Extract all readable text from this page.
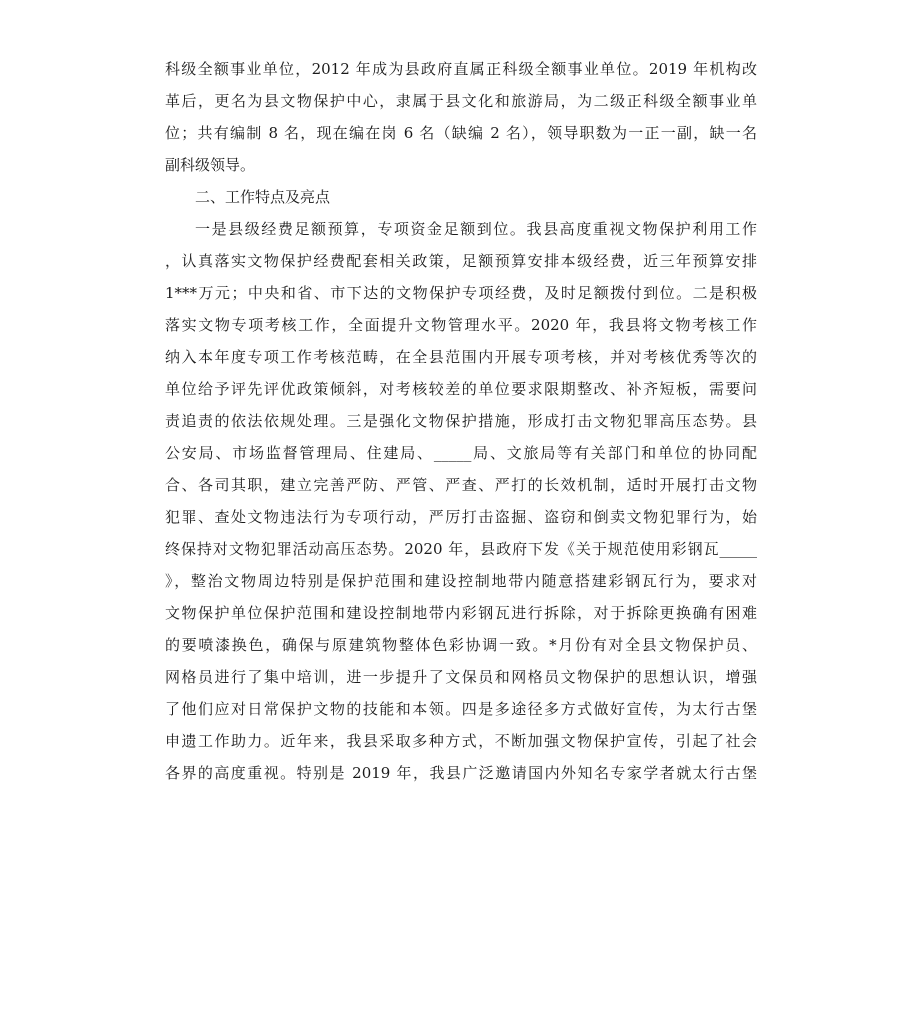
科级全额事业单位，2012 年成为县政府直属正科级全额事业单位。2019 年机构改
革后，更名为县文物保护中心，隶属于县文化和旅游局，为二级正科级全额事业单
位；共有编制 8 名，现在编在岗 6 名（缺编 2 名），领导职数为一正一副，缺一名
副科级领导。
二、工作特点及亮点
一是县级经费足额预算，专项资金足额到位。我县高度重视文物保护利用工作
，认真落实文物保护经费配套相关政策，足额预算安排本级经费，近三年预算安排
1***万元；中央和省、市下达的文物保护专项经费，及时足额拨付到位。二是积极
落实文物专项考核工作，全面提升文物管理水平。2020 年，我县将文物考核工作
纳入本年度专项工作考核范畴，在全县范围内开展专项考核，并对考核优秀等次的
单位给予评先评优政策倾斜，对考核较差的单位要求限期整改、补齐短板，需要问
责追责的依法依规处理。三是强化文物保护措施，形成打击文物犯罪高压态势。县
公安局、市场监督管理局、住建局、_____局、文旅局等有关部门和单位的协同配
合、各司其职，建立完善严防、严管、严查、严打的长效机制，适时开展打击文物
犯罪、查处文物违法行为专项行动，严厉打击盗掘、盗窃和倒卖文物犯罪行为，始
终保持对文物犯罪活动高压态势。2020 年，县政府下发《关于规范使用彩钢瓦_____
》，整治文物周边特别是保护范围和建设控制地带内随意搭建彩钢瓦行为，要求对
文物保护单位保护范围和建设控制地带内彩钢瓦进行拆除，对于拆除更换确有困难
的要喷漆换色，确保与原建筑物整体色彩协调一致。*月份有对全县文物保护员、
网格员进行了集中培训，进一步提升了文保员和网格员文物保护的思想认识，增强
了他们应对日常保护文物的技能和本领。四是多途径多方式做好宣传，为太行古堡
申遗工作助力。近年来，我县采取多种方式，不断加强文物保护宣传，引起了社会
各界的高度重视。特别是 2019 年，我县广泛邀请国内外知名专家学者就太行古堡
